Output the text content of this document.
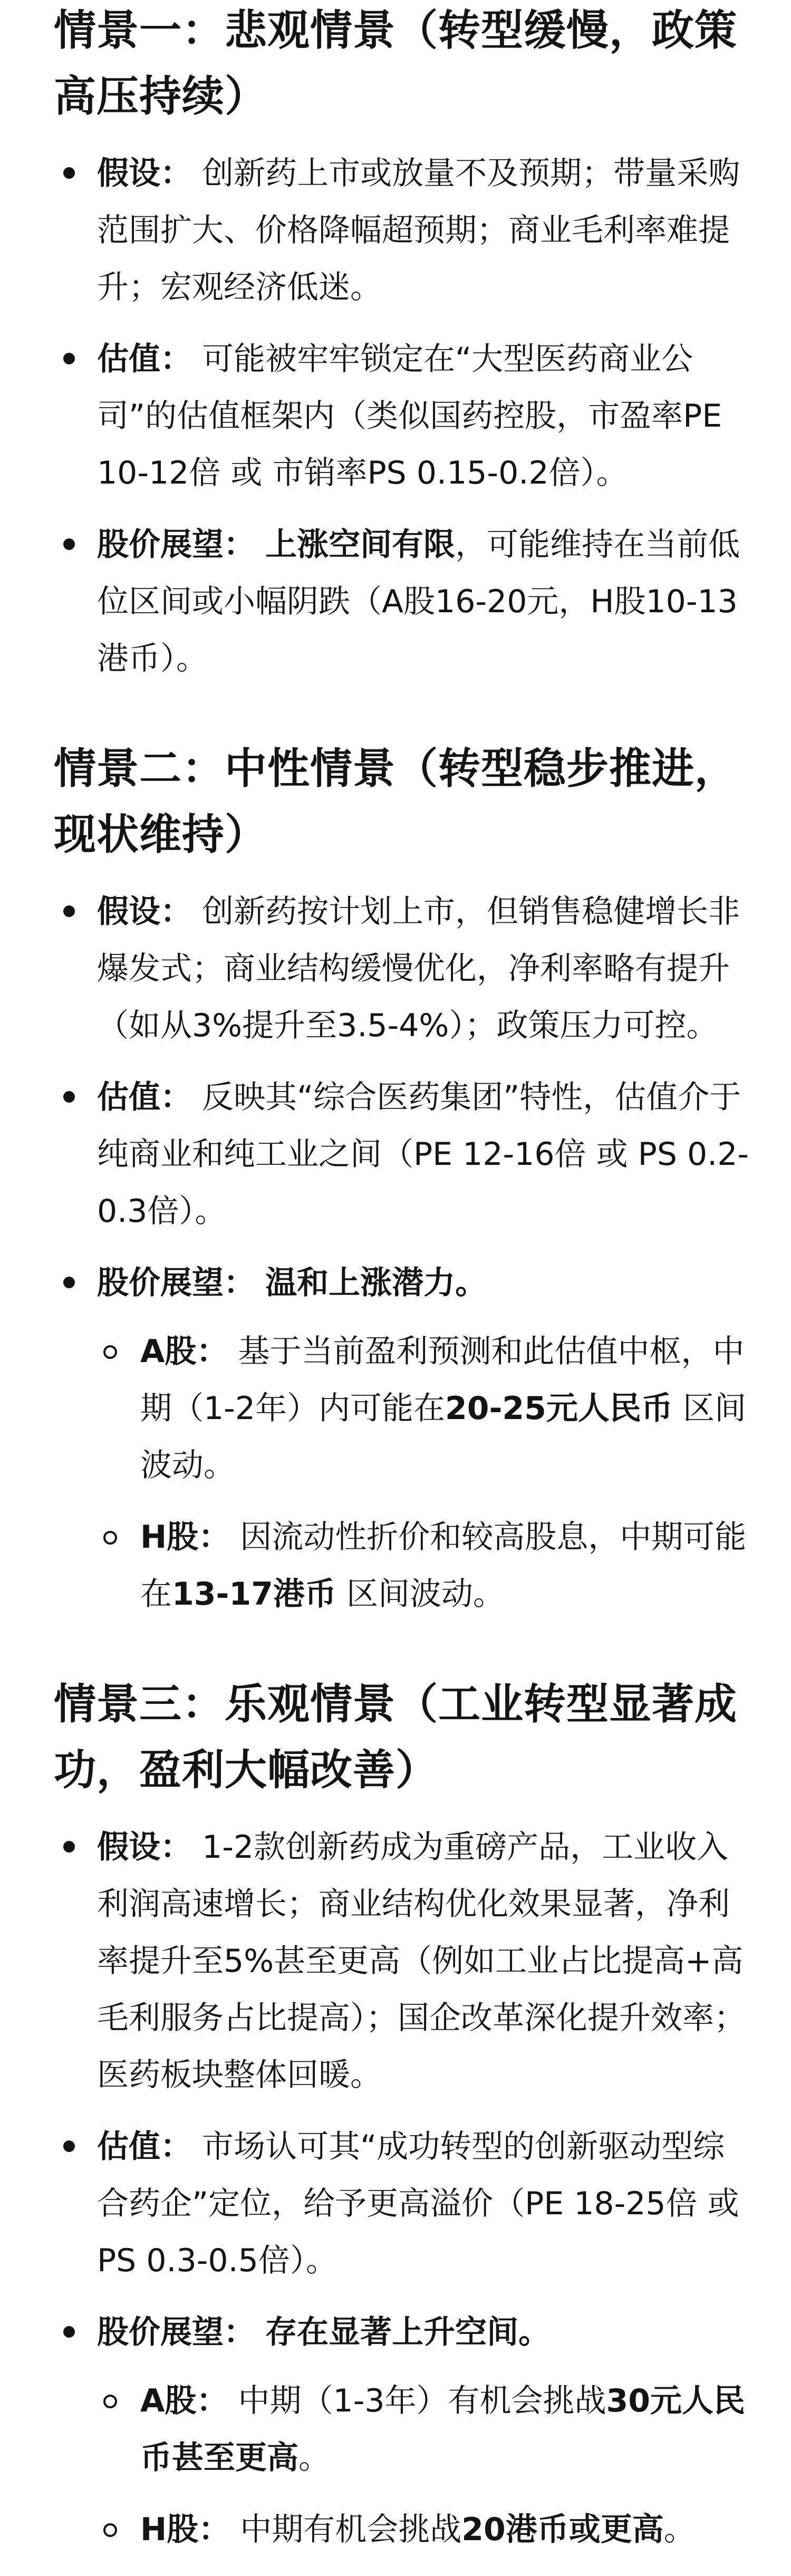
情景一：悲观情景（转型缓慢，政策高压持续）
假设： 创新药上市或放量不及预期；带量采购范围扩大、价格降幅超预期；商业毛利率难提升；宏观经济低迷。
估值： 可能被牢牢锁定在“大型医药商业公司”的估值框架内（类似国药控股，市盈率PE 10-12倍 或 市销率PS 0.15-0.2倍）。
股价展望： 上涨空间有限，可能维持在当前低位区间或小幅阴跌（A股16-20元，H股10-13港币）。
情景二：中性情景（转型稳步推进，现状维持）
假设： 创新药按计划上市，但销售稳健增长非爆发式；商业结构缓慢优化，净利率略有提升（如从3%提升至3.5-4%）；政策压力可控。
估值： 反映其“综合医药集团”特性，估值介于纯商业和纯工业之间（PE 12-16倍 或 PS 0.2-0.3倍）。
股价展望： 温和上涨潜力。
A股： 基于当前盈利预测和此估值中枢，中期（1-2年）内可能在20-25元人民币 区间波动。
H股： 因流动性折价和较高股息，中期可能在13-17港币 区间波动。
情景三：乐观情景（工业转型显著成功，盈利大幅改善）
假设： 1-2款创新药成为重磅产品，工业收入利润高速增长；商业结构优化效果显著，净利率提升至5%甚至更高（例如工业占比提高+高毛利服务占比提高）；国企改革深化提升效率；医药板块整体回暖。
估值： 市场认可其“成功转型的创新驱动型综合药企”定位，给予更高溢价（PE 18-25倍 或 PS 0.3-0.5倍）。
股价展望： 存在显著上升空间。
A股： 中期（1-3年）有机会挑战30元人民币甚至更高。
H股： 中期有机会挑战20港币或更高。
